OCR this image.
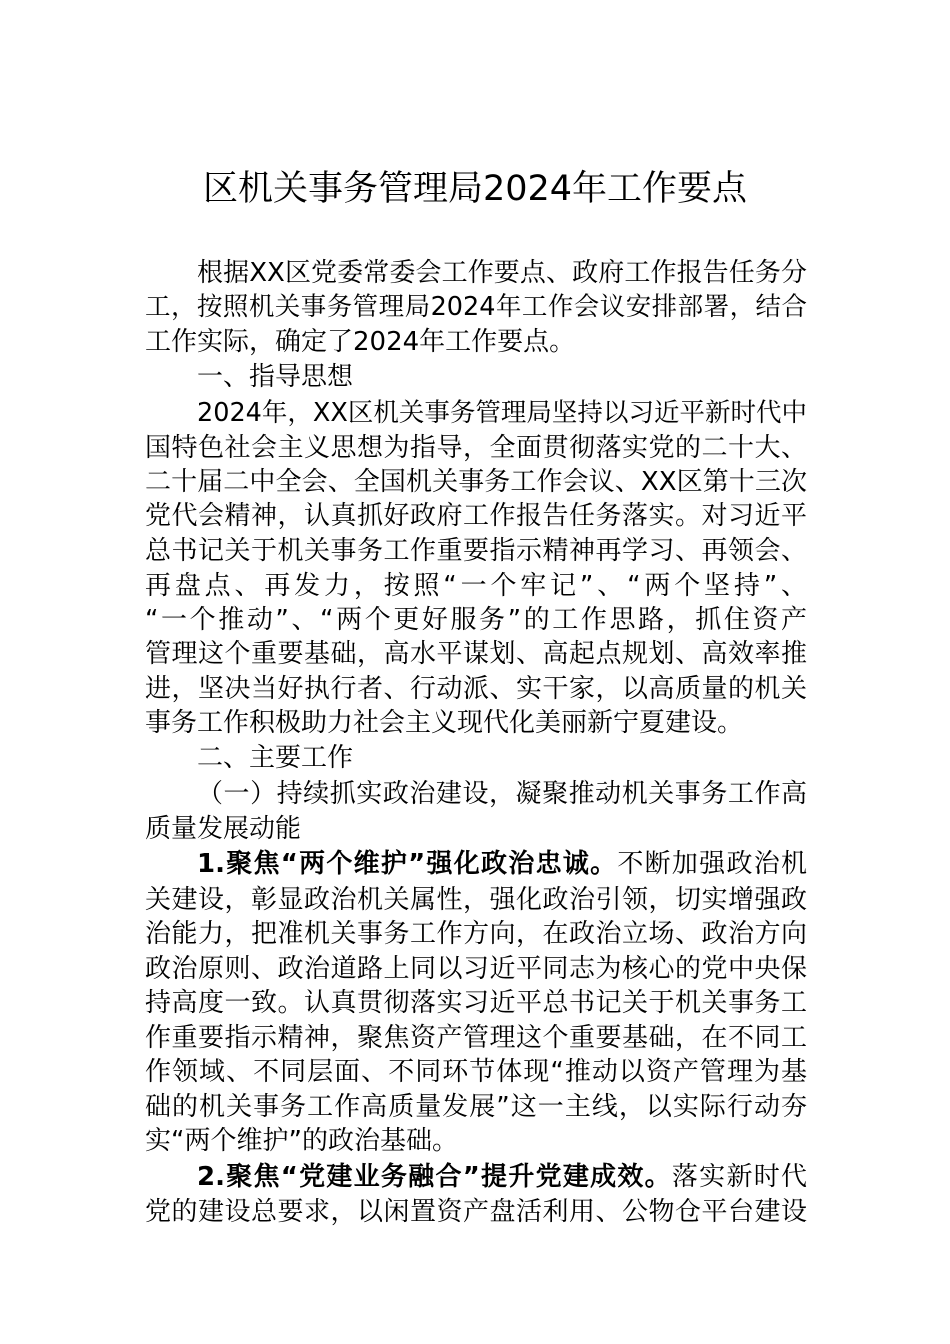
区机关事务管理局2024年工作要点
根据XX区党委常委会工作要点、政府工作报告任务分
工，按照机关事务管理局2024年工作会议安排部署，结合
工作实际，确定了2024年工作要点。
一、指导思想
2024年，XX区机关事务管理局坚持以习近平新时代中
国特色社会主义思想为指导，全面贯彻落实党的二十大、
二十届二中全会、全国机关事务工作会议、XX区第十三次
党代会精神，认真抓好政府工作报告任务落实。对习近平
总书记关于机关事务工作重要指示精神再学习、再领会、
再盘点、再发力，按照“一个牢记”、“两个坚持”、
“一个推动”、“两个更好服务”的工作思路，抓住资产
管理这个重要基础，高水平谋划、高起点规划、高效率推
进，坚决当好执行者、行动派、实干家，以高质量的机关
事务工作积极助力社会主义现代化美丽新宁夏建设。
二、主要工作
（一）持续抓实政治建设，凝聚推动机关事务工作高
质量发展动能
1.聚焦“两个维护”强化政治忠诚。不断加强政治机
关建设，彰显政治机关属性，强化政治引领，切实增强政
治能力，把准机关事务工作方向，在政治立场、政治方向
政治原则、政治道路上同以习近平同志为核心的党中央保
持高度一致。认真贯彻落实习近平总书记关于机关事务工
作重要指示精神，聚焦资产管理这个重要基础，在不同工
作领域、不同层面、不同环节体现“推动以资产管理为基
础的机关事务工作高质量发展”这一主线，以实际行动夯
实“两个维护”的政治基础。
2.聚焦“党建业务融合”提升党建成效。落实新时代
党的建设总要求，以闲置资产盘活利用、公物仓平台建设
